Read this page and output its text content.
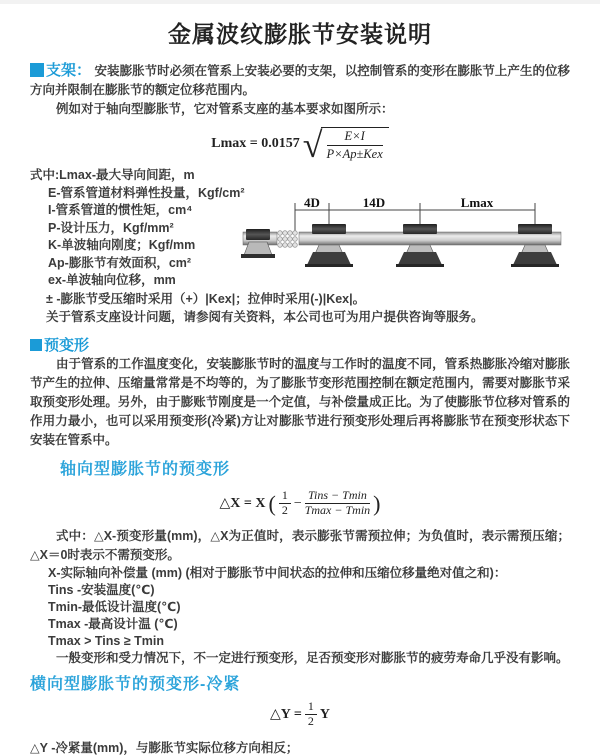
金属波纹膨胀节安装说明

支架： 安装膨胀节时必须在管系上安装必要的支架，以控制管系的变形在膨胀节上产生的位移方向并限制在膨胀节的额定位移范围内。

例如对于轴向型膨胀节，它对管系支座的基本要求如图所示：

Lmax = 0.0157 √
$\frac{E\times I}{\text{P×Ap±Kex}}$
式中:Lmax-最大导向间距，m
E-管系管道材料弹性投量，Kgf/cm²
I-管系管道的惯性矩，cm⁴
P-设计压力，Kgf/mm²
K-单波轴向刚度；Kgf/mm
Ap-膨胀节有效面积，cm²
ex-单波轴向位移，mm
± -膨胀节受压缩时采用（+）|Kex|；拉伸时采用(-)|Kex|。
关于管系支座设计问题，请参阅有关资料，本公司也可为用户提供咨询等服务。
4D	14D	Lmax
预变形

由于管系的工作温度变化，安装膨胀节时的温度与工作时的温度不同，管系热膨胀冷缩对膨胀节产生的拉伸、压缩量常常是不均等的，为了膨胀节变形范围控制在额定范围内，需要对膨胀节采取预变形处理。另外，由于膨账节刚度是一个定值，与补偿量成正比。为了使膨胀节位移对管系的作用力最小，也可以采用预变形(冷紧)方让对膨胀节进行预变形处理后再将膨胀节在预变形状态下安装在管系中。

轴向型膨胀节的预变形
△X = X ( $\frac{1}{2} - \frac{\text{Tins − Tmin}}{Tmax - Tmin}$ )

式中：△X-预变形量(mm)，△X为正值时，表示膨张节需预拉伸；为负值时，表示需预压缩；△X＝0时表示不需预变形。

X-实际轴向补偿量 (mm) (相对于膨胀节中间状态的拉伸和压缩位移量绝对值之和)：
Tins -安装温度(℃)
Tmin-最低设计温度(℃)
Tmax -最高设计温 (℃)
Tmax > Tins ≥ Tmin
一般变形和受力情况下，不一定进行预变形，足否预变形对膨胀节的疲劳寿命几乎没有影响。
横向型膨胀节的预变形-冷紧
△Y = $\frac{1}{2}$ Y
△Y -冷紧量(mm)，与膨胀节实际位移方向相反；
